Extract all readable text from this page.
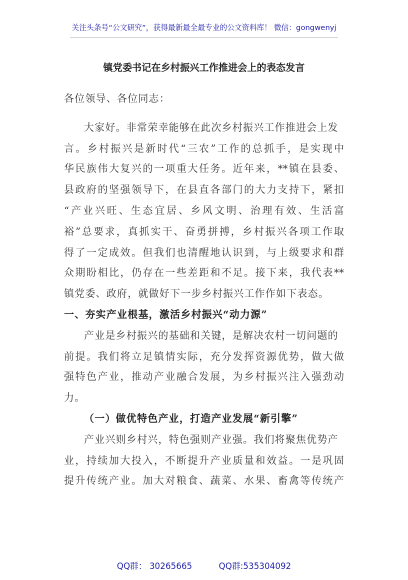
关注头条号“公文研究”，获得最新最全最专业的公文资料库！ 微信：gongwenyj
镇党委书记在乡村振兴工作推进会上的表态发言
各位领导、各位同志：
大家好。非常荣幸能够在此次乡村振兴工作推进会上发
言。乡村振兴是新时代“三农”工作的总抓手，是实现中
华民族伟大复兴的一项重大任务。近年来，**镇在县委、
县政府的坚强领导下，在县直各部门的大力支持下，紧扣
“产业兴旺、生态宜居、乡风文明、治理有效、生活富
裕”总要求，真抓实干、奋勇拼搏，乡村振兴各项工作取
得了一定成效。但我们也清醒地认识到，与上级要求和群
众期盼相比，仍存在一些差距和不足。接下来，我代表**
镇党委、政府，就做好下一步乡村振兴工作作如下表态。
一、夯实产业根基，激活乡村振兴“动力源”
产业是乡村振兴的基础和关键，是解决农村一切问题的
前提。我们将立足镇情实际，充分发挥资源优势，做大做
强特色产业，推动产业融合发展，为乡村振兴注入强劲动
力。
（一）做优特色产业，打造产业发展“新引擎”
产业兴则乡村兴，特色强则产业强。我们将聚焦优势产
业，持续加大投入，不断提升产业质量和效益。一是巩固
提升传统产业。加大对粮食、蔬菜、水果、畜禽等传统产
QQ群： 30265665	QQ群:535304092
